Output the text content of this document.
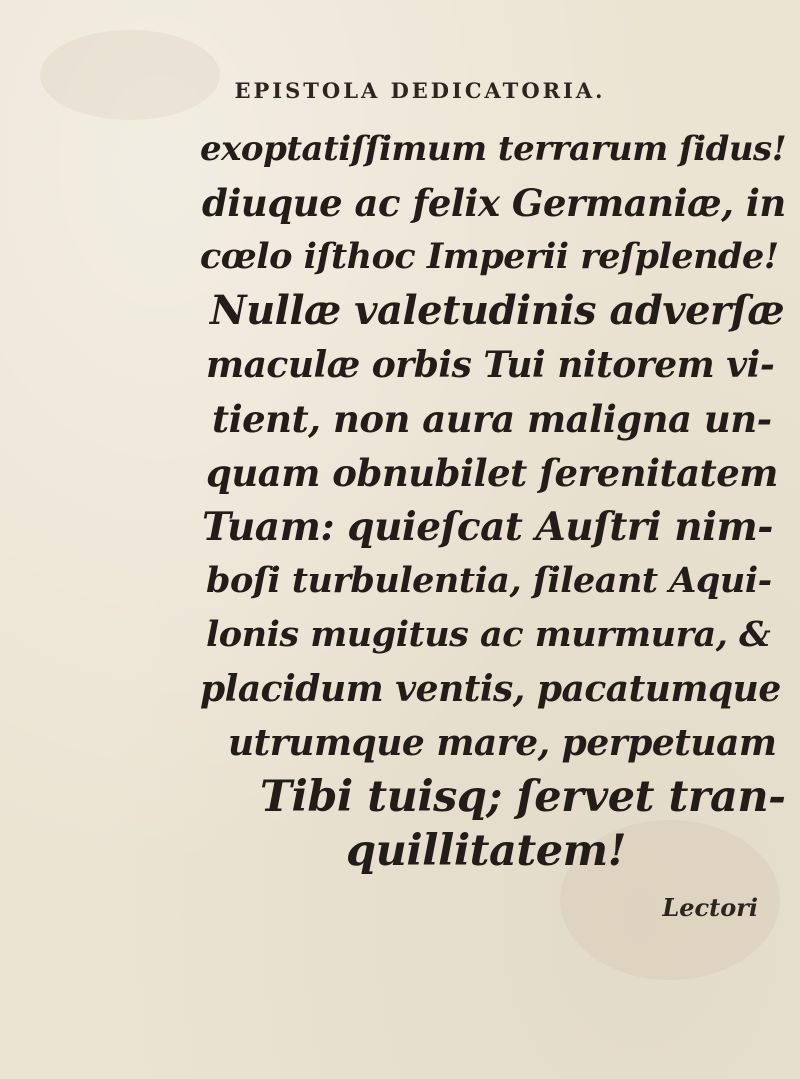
EPISTOLA DEDICATORIA.
exoptatiſſimum terrarum ſidus!
diuque ac felix Germaniæ, in
cœlo iſthoc Imperii reſplende!
Nullæ valetudinis adverſæ
maculæ orbis Tui nitorem vi-
tient, non aura maligna un-
quam obnubilet ſerenitatem
Tuam: quieſcat Auſtri nim-
boſi turbulentia, ſileant Aqui-
lonis mugitus ac murmura, &
placidum ventis, pacatumque
utrumque mare, perpetuam
Tibi tuisq; ſervet tran-
quillitatem!
Lectori
